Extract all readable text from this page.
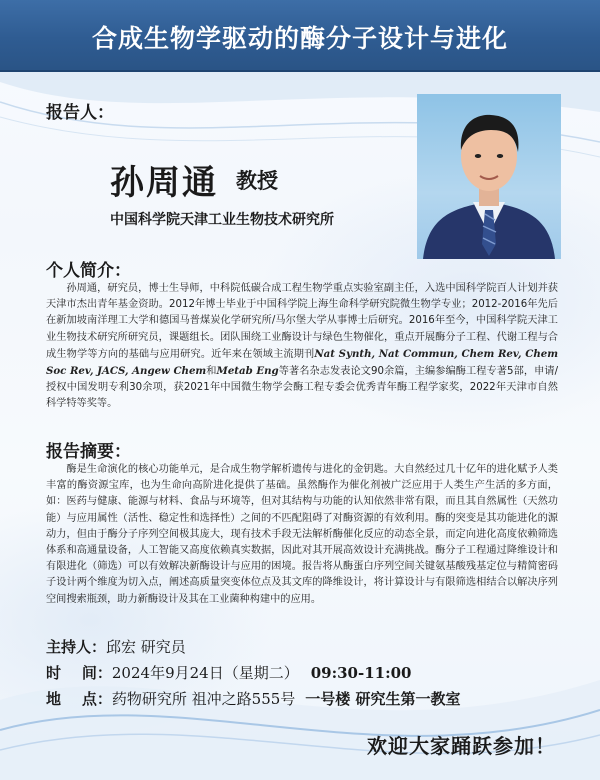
合成生物学驱动的酶分子设计与进化
报告人：
孙周通 教授
中国科学院天津工业生物技术研究所
个人简介：
孙周通，研究员，博士生导师，中科院低碳合成工程生物学重点实验室副主任，入选中国科学院百人计划并获天津市杰出青年基金资助。2012年博士毕业于中国科学院上海生命科学研究院微生物学专业；2012-2016年先后在新加坡南洋理工大学和德国马普煤炭化学研究所/马尔堡大学从事博士后研究。2016年至今，中国科学院天津工业生物技术研究所研究员，课题组长。团队围绕工业酶设计与绿色生物催化，重点开展酶分子工程、代谢工程与合成生物学等方向的基础与应用研究。近年来在领域主流期刊Nat Synth, Nat Commun, Chem Rev, Chem Soc Rev, JACS, Angew Chem和Metab Eng等著名杂志发表论文90余篇，主编参编酶工程专著5部，申请/授权中国发明专利30余项，获2021年中国微生物学会酶工程专委会优秀青年酶工程学家奖，2022年天津市自然科学特等奖等。
报告摘要：
酶是生命演化的核心功能单元，是合成生物学解析遗传与进化的金钥匙。大自然经过几十亿年的进化赋予人类丰富的酶资源宝库，也为生命向高阶进化提供了基础。虽然酶作为催化剂被广泛应用于人类生产生活的多方面，如：医药与健康、能源与材料、食品与环境等，但对其结构与功能的认知依然非常有限，而且其自然属性（天然功能）与应用属性（活性、稳定性和选择性）之间的不匹配阻碍了对酶资源的有效利用。酶的突变是其功能进化的源动力，但由于酶分子序列空间极其庞大，现有技术手段无法解析酶催化反应的动态全景，而定向进化高度依赖筛选体系和高通量设备，人工智能又高度依赖真实数据，因此对其开展高效设计充满挑战。酶分子工程通过降维设计和有限进化（筛选）可以有效解决新酶设计与应用的困境。报告将从酶蛋白序列空间关键氨基酸残基定位与精简密码子设计两个维度为切入点，阐述高质量突变体位点及其文库的降维设计，将计算设计与有限筛选相结合以解决序列空间搜索瓶颈，助力新酶设计及其在工业菌种构建中的应用。
主持人：邱宏 研究员
时    间：2024年9月24日（星期二） 09:30-11:00
地    点：药物研究所 祖冲之路555号 一号楼 研究生第一教室
欢迎大家踊跃参加！
